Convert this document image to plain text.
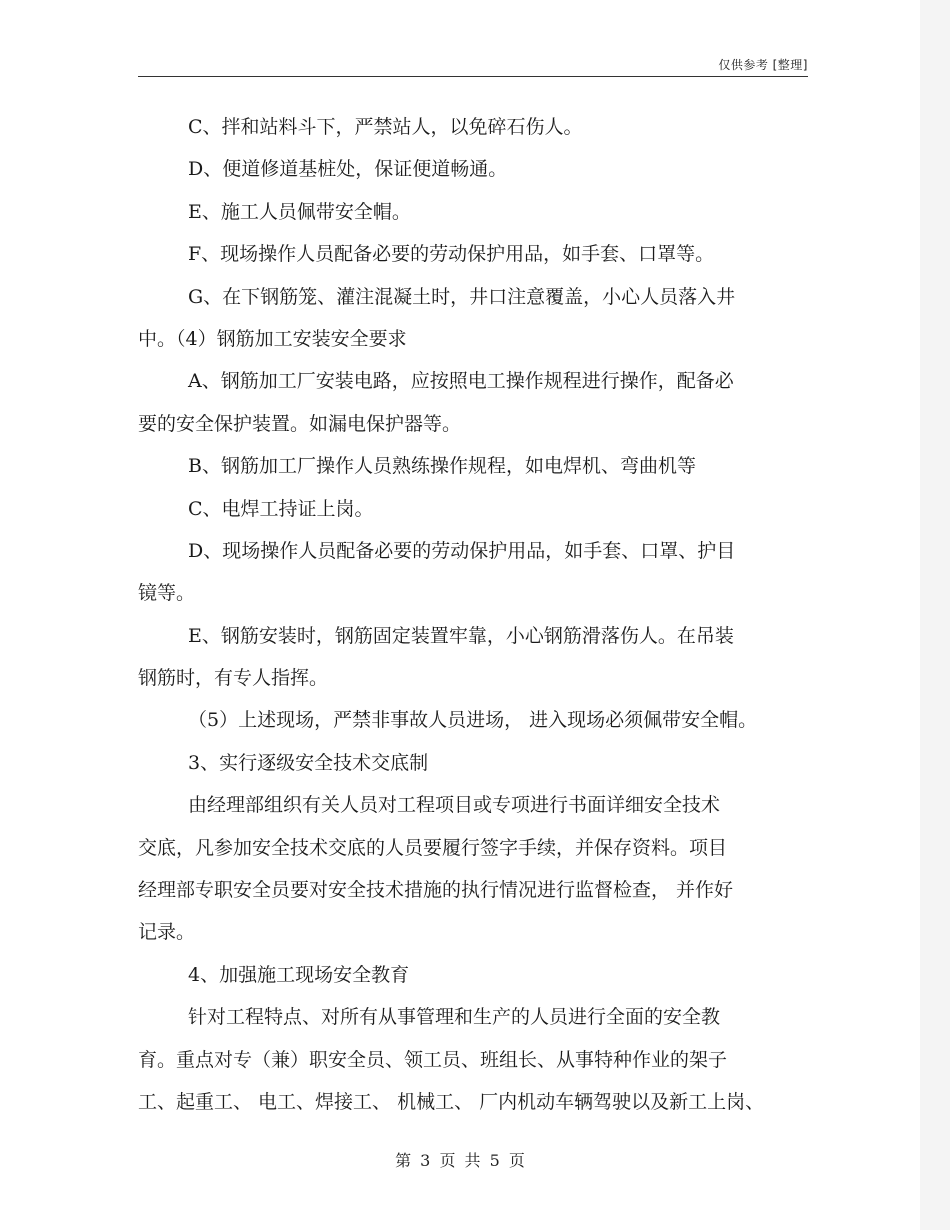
仅供参考 [整理]
C、拌和站料斗下，严禁站人，以免碎石伤人。
D、便道修道基桩处，保证便道畅通。
E、施工人员佩带安全帽。
F、现场操作人员配备必要的劳动保护用品，如手套、口罩等。
G、在下钢筋笼、灌注混凝土时，井口注意覆盖，小心人员落入井
中。（4）钢筋加工安装安全要求
A、钢筋加工厂安装电路，应按照电工操作规程进行操作，配备必
要的安全保护装置。如漏电保护器等。
B、钢筋加工厂操作人员熟练操作规程，如电焊机、弯曲机等
C、电焊工持证上岗。
D、现场操作人员配备必要的劳动保护用品，如手套、口罩、护目
镜等。
E、钢筋安装时，钢筋固定装置牢靠，小心钢筋滑落伤人。在吊装
钢筋时，有专人指挥。
（5）上述现场，严禁非事故人员进场， 进入现场必须佩带安全帽。
3、实行逐级安全技术交底制
由经理部组织有关人员对工程项目或专项进行书面详细安全技术
交底，凡参加安全技术交底的人员要履行签字手续，并保存资料。项目
经理部专职安全员要对安全技术措施的执行情况进行监督检查， 并作好
记录。
4、加强施工现场安全教育
针对工程特点、对所有从事管理和生产的人员进行全面的安全教
育。重点对专（兼）职安全员、领工员、班组长、从事特种作业的架子
工、起重工、 电工、焊接工、 机械工、 厂内机动车辆驾驶以及新工上岗、
第 3 页 共 5 页
